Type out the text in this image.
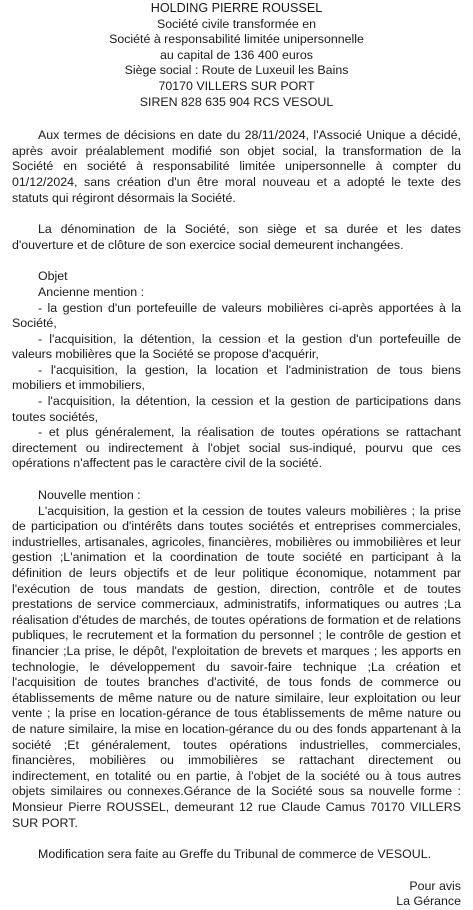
HOLDING PIERRE ROUSSEL
Société civile transformée en
Société à responsabilité limitée unipersonnelle
au capital de 136 400 euros
Siège social : Route de Luxeuil les Bains
70170 VILLERS SUR PORT
SIREN 828 635 904 RCS VESOUL

Aux termes de décisions en date du 28/11/2024, l'Associé Unique a décidé, après avoir préalablement modifié son objet social, la transformation de la Société en société à responsabilité limitée unipersonnelle à compter du 01/12/2024, sans création d'un être moral nouveau et a adopté le texte des statuts qui régiront désormais la Société.

La dénomination de la Société, son siège et sa durée et les dates d'ouverture et de clôture de son exercice social demeurent inchangées.

Objet
Ancienne mention :

- la gestion d'un portefeuille de valeurs mobilières ci-après apportées à la Société,

- l'acquisition, la détention, la cession et la gestion d'un portefeuille de valeurs mobilières que la Société se propose d'acquérir,

- l'acquisition, la gestion, la location et l'administration de tous biens mobiliers et immobiliers,

- l'acquisition, la détention, la cession et la gestion de participations dans toutes sociétés,

- et plus généralement, la réalisation de toutes opérations se rattachant directement ou indirectement à l'objet social sus-indiqué, pourvu que ces opérations n'affectent pas le caractère civil de la société.

Nouvelle mention :

L'acquisition, la gestion et la cession de toutes valeurs mobilières ; la prise de participation ou d'intérêts dans toutes sociétés et entreprises commerciales, industrielles, artisanales, agricoles, financières, mobilières ou immobilières et leur gestion ;L'animation et la coordination de toute société en participant à la définition de leurs objectifs et de leur politique économique, notamment par l'exécution de tous mandats de gestion, direction, contrôle et de toutes prestations de service commerciaux, administratifs, informatiques ou autres ;La réalisation d'études de marchés, de toutes opérations de formation et de relations publiques, le recrutement et la formation du personnel ; le contrôle de gestion et financier ;La prise, le dépôt, l'exploitation de brevets et marques ; les apports en technologie, le développement du savoir-faire technique ;La création et l'acquisition de toutes branches d'activité, de tous fonds de commerce ou établissements de même nature ou de nature similaire, leur exploitation ou leur vente ; la prise en location-gérance de tous établissements de même nature ou de nature similaire, la mise en location-gérance du ou des fonds appartenant à la société ;Et généralement, toutes opérations industrielles, commerciales, financières, mobilières ou immobilières se rattachant directement ou indirectement, en totalité ou en partie, à l'objet de la société ou à tous autres objets similaires ou connexes.Gérance de la Société sous sa nouvelle forme : Monsieur Pierre ROUSSEL, demeurant 12 rue Claude Camus 70170 VILLERS SUR PORT.

Modification sera faite au Greffe du Tribunal de commerce de VESOUL.

Pour avis
La Gérance
